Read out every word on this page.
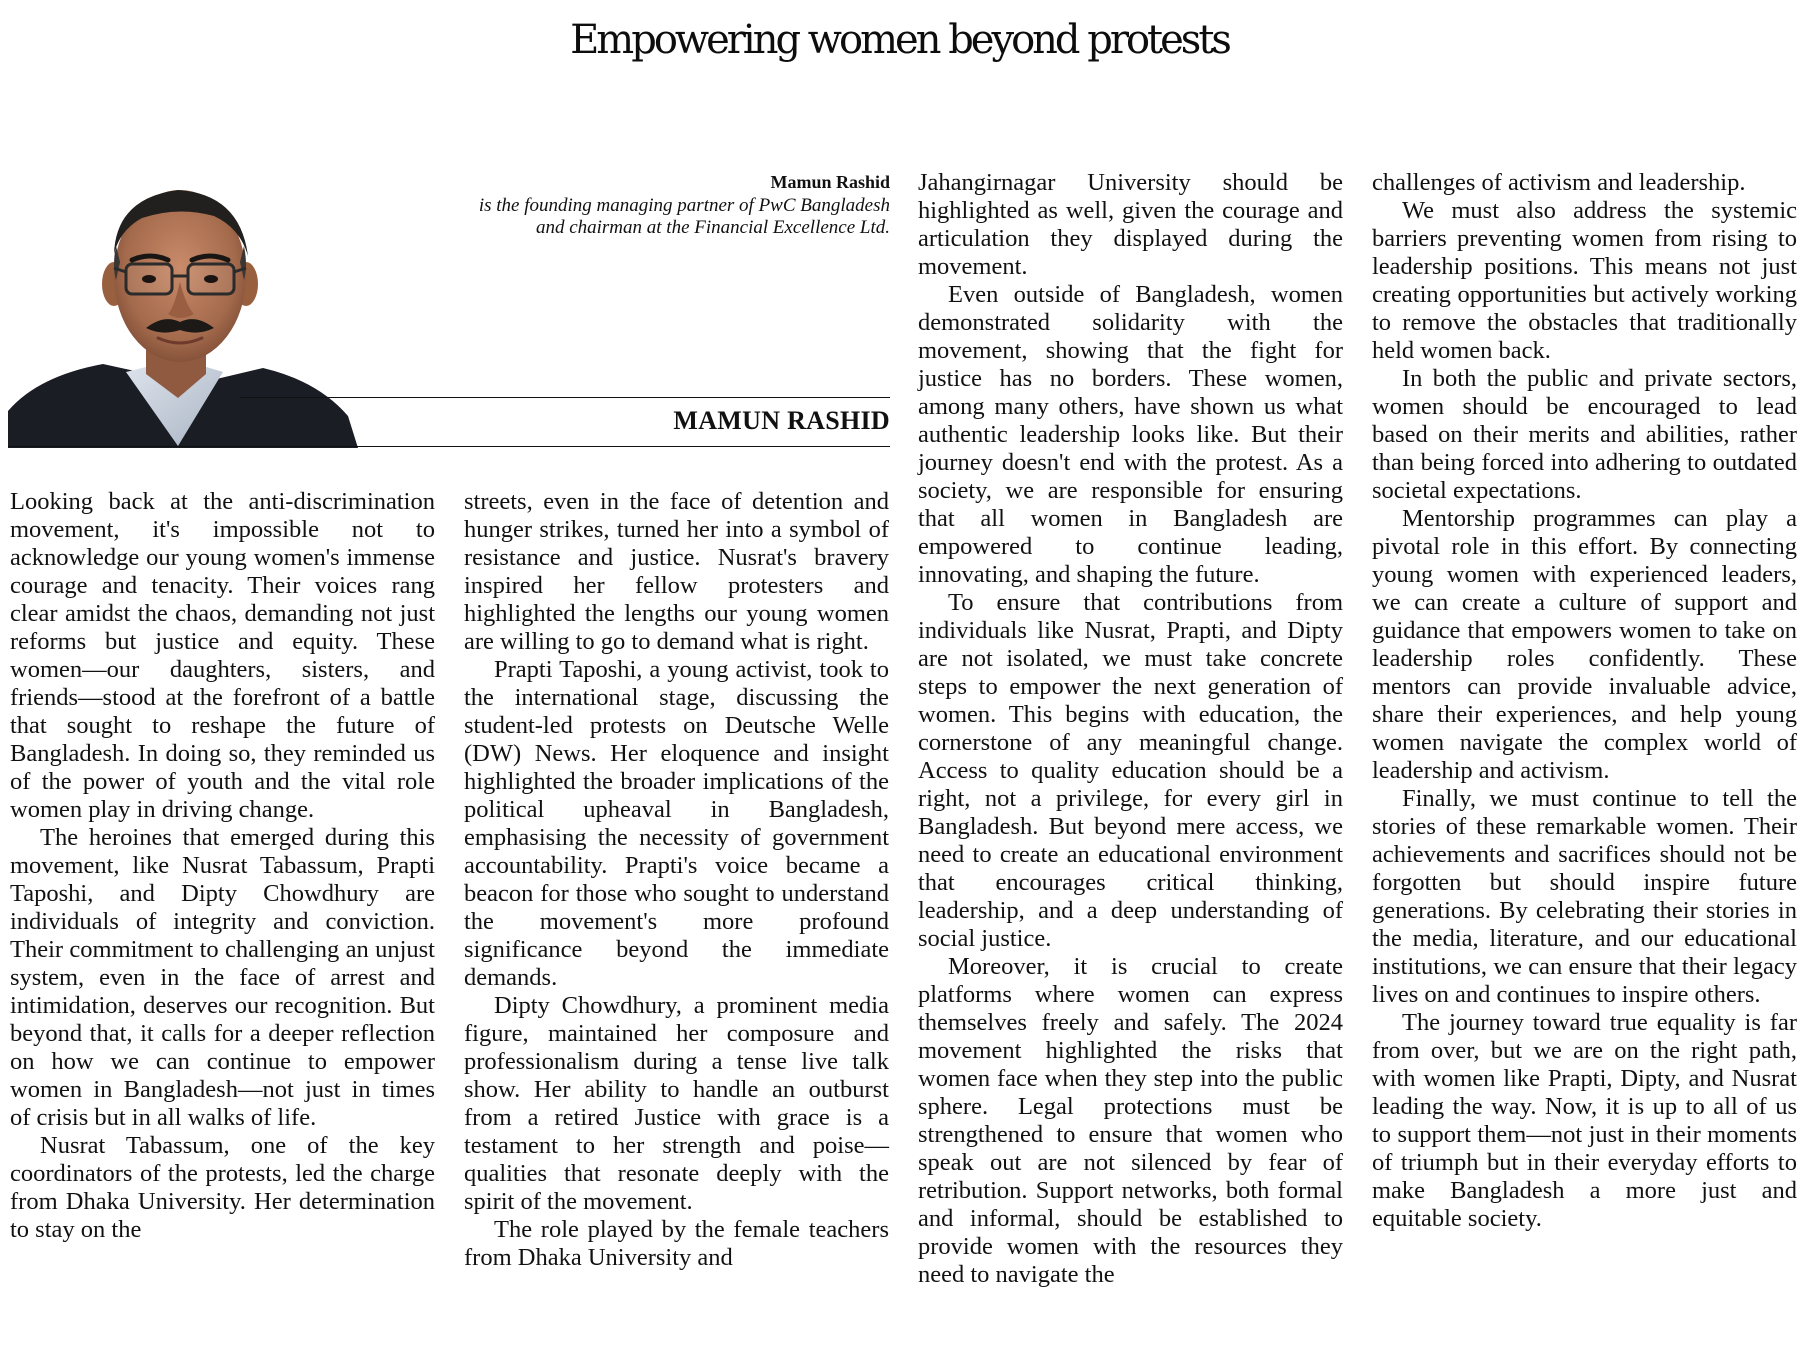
Empowering women beyond protests
Mamun Rashid
is the founding managing partner of PwC Bangladesh and chairman at the Financial Excellence Ltd.
MAMUN RASHID

Looking back at the anti-discrimination movement, it's impossible not to acknowledge our young women's immense courage and tenacity. Their voices rang clear amidst the chaos, demanding not just reforms but justice and equity. These women—our daughters, sisters, and friends—stood at the forefront of a battle that sought to reshape the future of Bangladesh. In doing so, they reminded us of the power of youth and the vital role women play in driving change.

The heroines that emerged during this movement, like Nusrat Tabassum, Prapti Taposhi, and Dipty Chowdhury are individuals of integrity and conviction. Their commitment to challenging an unjust system, even in the face of arrest and intimidation, deserves our recognition. But beyond that, it calls for a deeper reflection on how we can continue to empower women in Bangladesh—not just in times of crisis but in all walks of life.

Nusrat Tabassum, one of the key coordinators of the protests, led the charge from Dhaka University. Her determination to stay on the

streets, even in the face of detention and hunger strikes, turned her into a symbol of resistance and justice. Nusrat's bravery inspired her fellow protesters and highlighted the lengths our young women are willing to go to demand what is right.

Prapti Taposhi, a young activist, took to the international stage, discussing the student-led protests on Deutsche Welle (DW) News. Her eloquence and insight highlighted the broader implications of the political upheaval in Bangladesh, emphasising the necessity of government accountability. Prapti's voice became a beacon for those who sought to understand the movement's more profound significance beyond the immediate demands.

Dipty Chowdhury, a prominent media figure, maintained her composure and professionalism during a tense live talk show. Her ability to handle an outburst from a retired Justice with grace is a testament to her strength and poise—qualities that resonate deeply with the spirit of the movement.

The role played by the female teachers from Dhaka University and

Jahangirnagar University should be highlighted as well, given the courage and articulation they displayed during the movement.

Even outside of Bangladesh, women demonstrated solidarity with the movement, showing that the fight for justice has no borders. These women, among many others, have shown us what authentic leadership looks like. But their journey doesn't end with the protest. As a society, we are responsible for ensuring that all women in Bangladesh are empowered to continue leading, innovating, and shaping the future.

To ensure that contributions from individuals like Nusrat, Prapti, and Dipty are not isolated, we must take concrete steps to empower the next generation of women. This begins with education, the cornerstone of any meaningful change. Access to quality education should be a right, not a privilege, for every girl in Bangladesh. But beyond mere access, we need to create an educational environment that encourages critical thinking, leadership, and a deep understanding of social justice.

Moreover, it is crucial to create platforms where women can express themselves freely and safely. The 2024 movement highlighted the risks that women face when they step into the public sphere. Legal protections must be strengthened to ensure that women who speak out are not silenced by fear of retribution. Support networks, both formal and informal, should be established to provide women with the resources they need to navigate the

challenges of activism and leadership.

We must also address the systemic barriers preventing women from rising to leadership positions. This means not just creating opportunities but actively working to remove the obstacles that traditionally held women back.

In both the public and private sectors, women should be encouraged to lead based on their merits and abilities, rather than being forced into adhering to outdated societal expectations.

Mentorship programmes can play a pivotal role in this effort. By connecting young women with experienced leaders, we can create a culture of support and guidance that empowers women to take on leadership roles confidently. These mentors can provide invaluable advice, share their experiences, and help young women navigate the complex world of leadership and activism.

Finally, we must continue to tell the stories of these remarkable women. Their achievements and sacrifices should not be forgotten but should inspire future generations. By celebrating their stories in the media, literature, and our educational institutions, we can ensure that their legacy lives on and continues to inspire others.

The journey toward true equality is far from over, but we are on the right path, with women like Prapti, Dipty, and Nusrat leading the way. Now, it is up to all of us to support them—not just in their moments of triumph but in their everyday efforts to make Bangladesh a more just and equitable society.
